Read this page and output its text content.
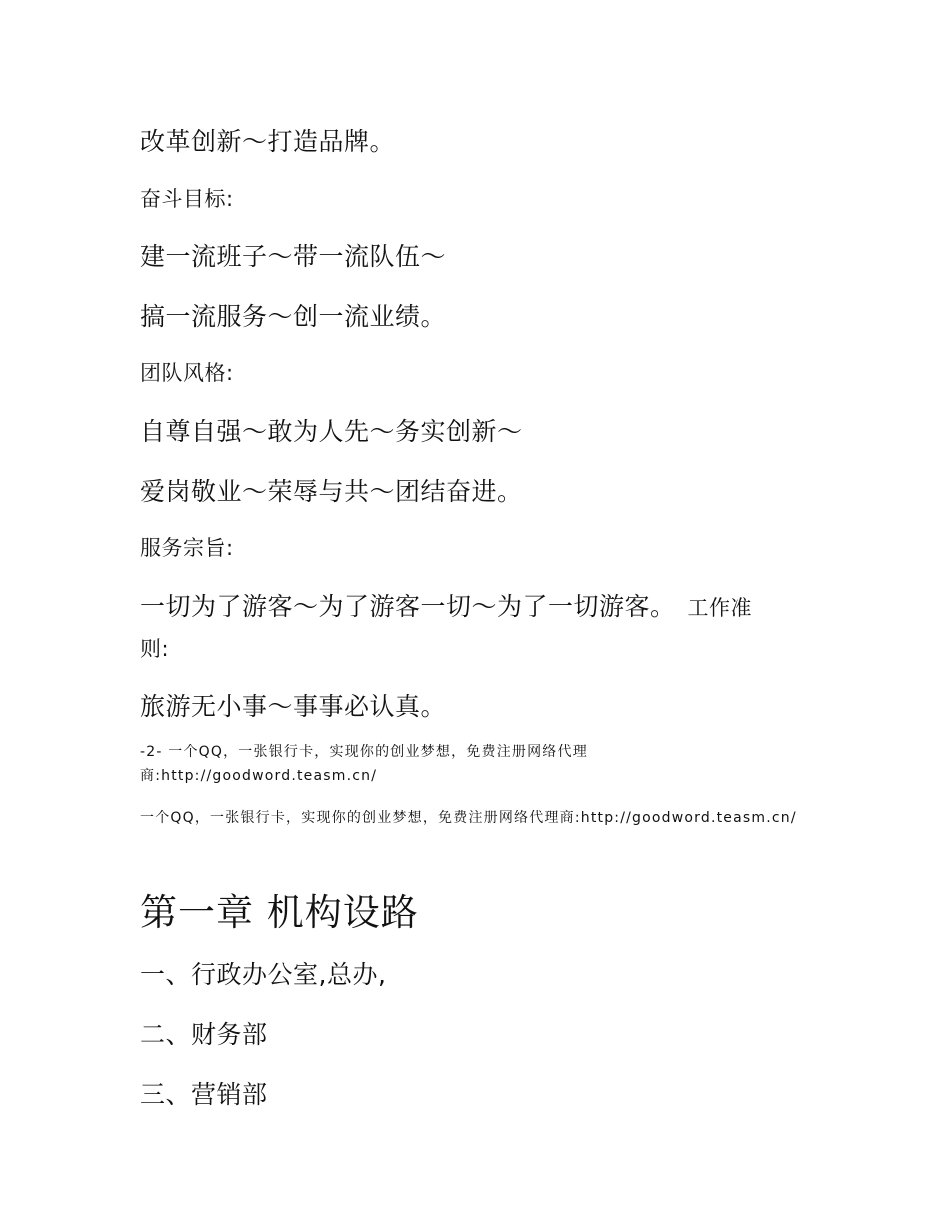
改革创新～打造品牌。
奋斗目标:
建一流班子～带一流队伍～
搞一流服务～创一流业绩。
团队风格:
自尊自强～敢为人先～务实创新～
爱岗敬业～荣辱与共～团结奋进。
服务宗旨:
一切为了游客～为了游客一切～为了一切游客。 工作准
则:
旅游无小事～事事必认真。
-2- 一个QQ，一张银行卡，实现你的创业梦想，免费注册网络代理商:http://goodword.teasm.cn/
一个QQ，一张银行卡，实现你的创业梦想，免费注册网络代理商:http://goodword.teasm.cn/
第一章 机构设路
一、行政办公室,总办,
二、财务部
三、营销部
